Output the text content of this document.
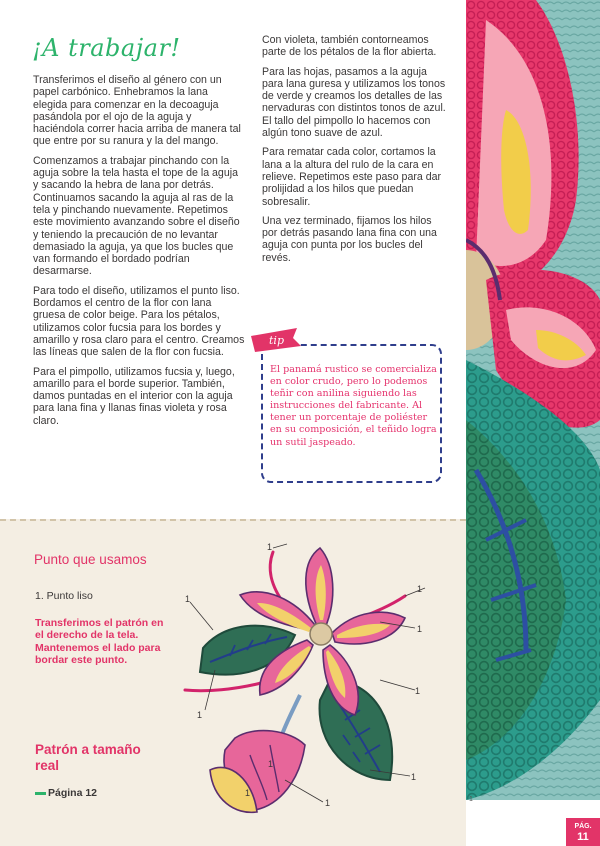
¡A trabajar!

Transferimos el diseño al género con un papel carbónico. Enhebramos la lana elegida para comenzar en la decoaguja pasándola por el ojo de la aguja y haciéndola correr hacia arriba de manera tal que entre por su ranura y la del mango.

Comenzamos a trabajar pinchando con la aguja sobre la tela hasta el tope de la aguja y sacando la hebra de lana por detrás. Continuamos sacando la aguja al ras de la tela y pinchando nuevamente. Repetimos este movimiento avanzando sobre el diseño y teniendo la precaución de no levantar demasiado la aguja, ya que los bucles que van formando el bordado podrían desarmarse.

Para todo el diseño, utilizamos el punto liso. Bordamos el centro de la flor con lana gruesa de color beige. Para los pétalos, utilizamos color fucsia para los bordes y amarillo y rosa claro para el centro. Creamos las líneas que salen de la flor con fucsia.

Para el pimpollo, utilizamos fucsia y, luego, amarillo para el borde superior. También, damos puntadas en el interior con la aguja para lana fina y llanas finas violeta y rosa claro.

Con violeta, también contorneamos parte de los pétalos de la flor abierta.

Para las hojas, pasamos a la aguja para lana guresa y utilizamos los tonos de verde y creamos los detalles de las nervaduras con distintos tonos de azul. El tallo del pimpollo lo hacemos con algún tono suave de azul.

Para rematar cada color, cortamos la lana a la altura del rulo de la cara en relieve. Repetimos este paso para dar prolijidad a los hilos que puedan sobresalir.

Una vez terminado, fijamos los hilos por detrás pasando lana fina con una aguja con punta por los bucles del revés.

tip
El panamá rustico se comercializa en color crudo, pero lo podemos teñir con anilina siguiendo las instrucciones del fabricante. Al tener un porcentaje de poliéster en su composición, el teñido logra un sutil jaspeado.
1
Punto que usamos
1. Punto liso
Transferimos el patrón en el derecho de la tela. Mantenemos el lado para bordar este punto.
Patrón a tamaño real
Página 12
1
1
1
1
1
1
1
1
1
1
PÁG.
11
